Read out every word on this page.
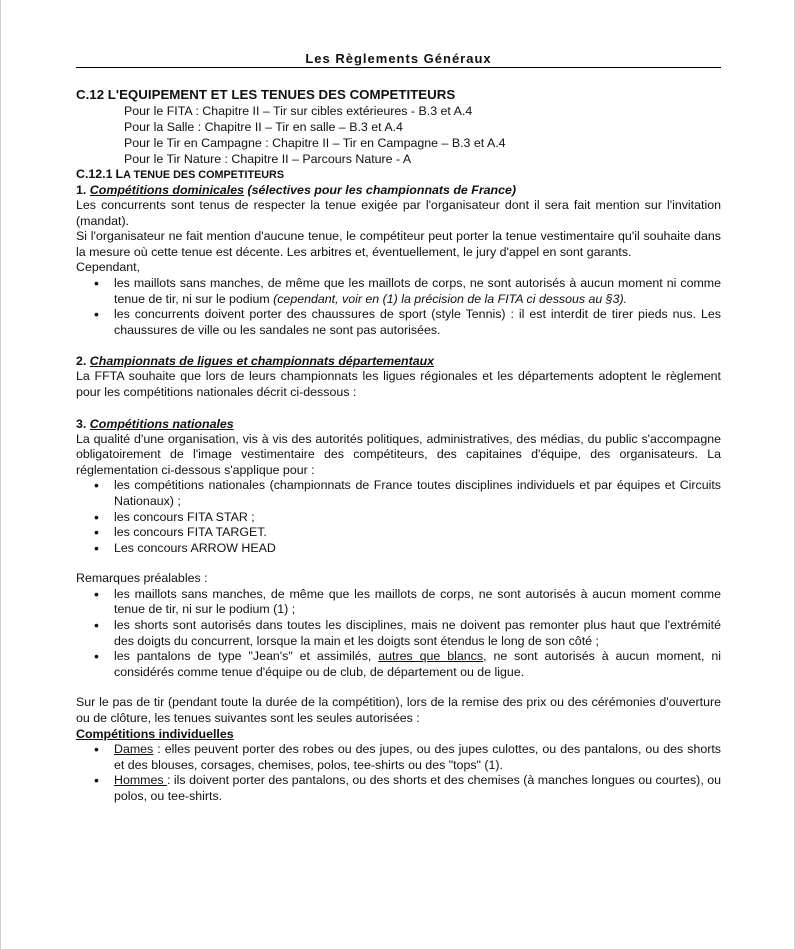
Les Règlements Généraux

C.12 L'EQUIPEMENT ET LES TENUES DES COMPETITEURS

Pour le FITA : Chapitre II – Tir sur cibles extérieures - B.3 et A.4
Pour la Salle : Chapitre II – Tir en salle – B.3 et A.4
Pour le Tir en Campagne : Chapitre II – Tir en Campagne – B.3 et A.4
Pour le Tir Nature : Chapitre II – Parcours Nature - A

C.12.1 LA TENUE DES COMPETITEURS

1. Compétitions dominicales (sélectives pour les championnats de France)

Les concurrents sont tenus de respecter la tenue exigée par l'organisateur dont il sera fait mention sur l'invitation (mandat).

Si l'organisateur ne fait mention d'aucune tenue, le compétiteur peut porter la tenue vestimentaire qu'il souhaite dans la mesure où cette tenue est décente. Les arbitres et, éventuellement, le jury d'appel en sont garants.

Cependant,

• les maillots sans manches, de même que les maillots de corps, ne sont autorisés à aucun moment ni comme tenue de tir, ni sur le podium (cependant, voir en (1) la précision de la FITA ci dessous au §3).
• les concurrents doivent porter des chaussures de sport (style Tennis) : il est interdit de tirer pieds nus. Les chaussures de ville ou les sandales ne sont pas autorisées.

2. Championnats de ligues et championnats départementaux

La FFTA souhaite que lors de leurs championnats les ligues régionales et les départements adoptent le règlement pour les compétitions nationales décrit ci-dessous :

3. Compétitions nationales

La qualité d'une organisation, vis à vis des autorités politiques, administratives, des médias, du public s'accompagne obligatoirement de l'image vestimentaire des compétiteurs, des capitaines d'équipe, des organisateurs. La réglementation ci-dessous s'applique pour :

• les compétitions nationales (championnats de France toutes disciplines individuels et par équipes et Circuits Nationaux) ;
• les concours FITA STAR ;
• les concours FITA TARGET.
• Les concours ARROW HEAD

Remarques préalables :

• les maillots sans manches, de même que les maillots de corps, ne sont autorisés à aucun moment comme tenue de tir, ni sur le podium (1) ;
• les shorts sont autorisés dans toutes les disciplines, mais ne doivent pas remonter plus haut que l'extrémité des doigts du concurrent, lorsque la main et les doigts sont étendus le long de son côté ;
• les pantalons de type "Jean's" et assimilés, autres que blancs, ne sont autorisés à aucun moment, ni considérés comme tenue d'équipe ou de club, de département ou de ligue.

Sur le pas de tir (pendant toute la durée de la compétition), lors de la remise des prix ou des cérémonies d'ouverture ou de clôture, les tenues suivantes sont les seules autorisées :

Compétitions individuelles

• Dames : elles peuvent porter des robes ou des jupes, ou des jupes culottes, ou des pantalons, ou des shorts et des blouses, corsages, chemises, polos, tee-shirts ou des "tops" (1).
• Hommes : ils doivent porter des pantalons, ou des shorts et des chemises (à manches longues ou courtes), ou polos, ou tee-shirts.
